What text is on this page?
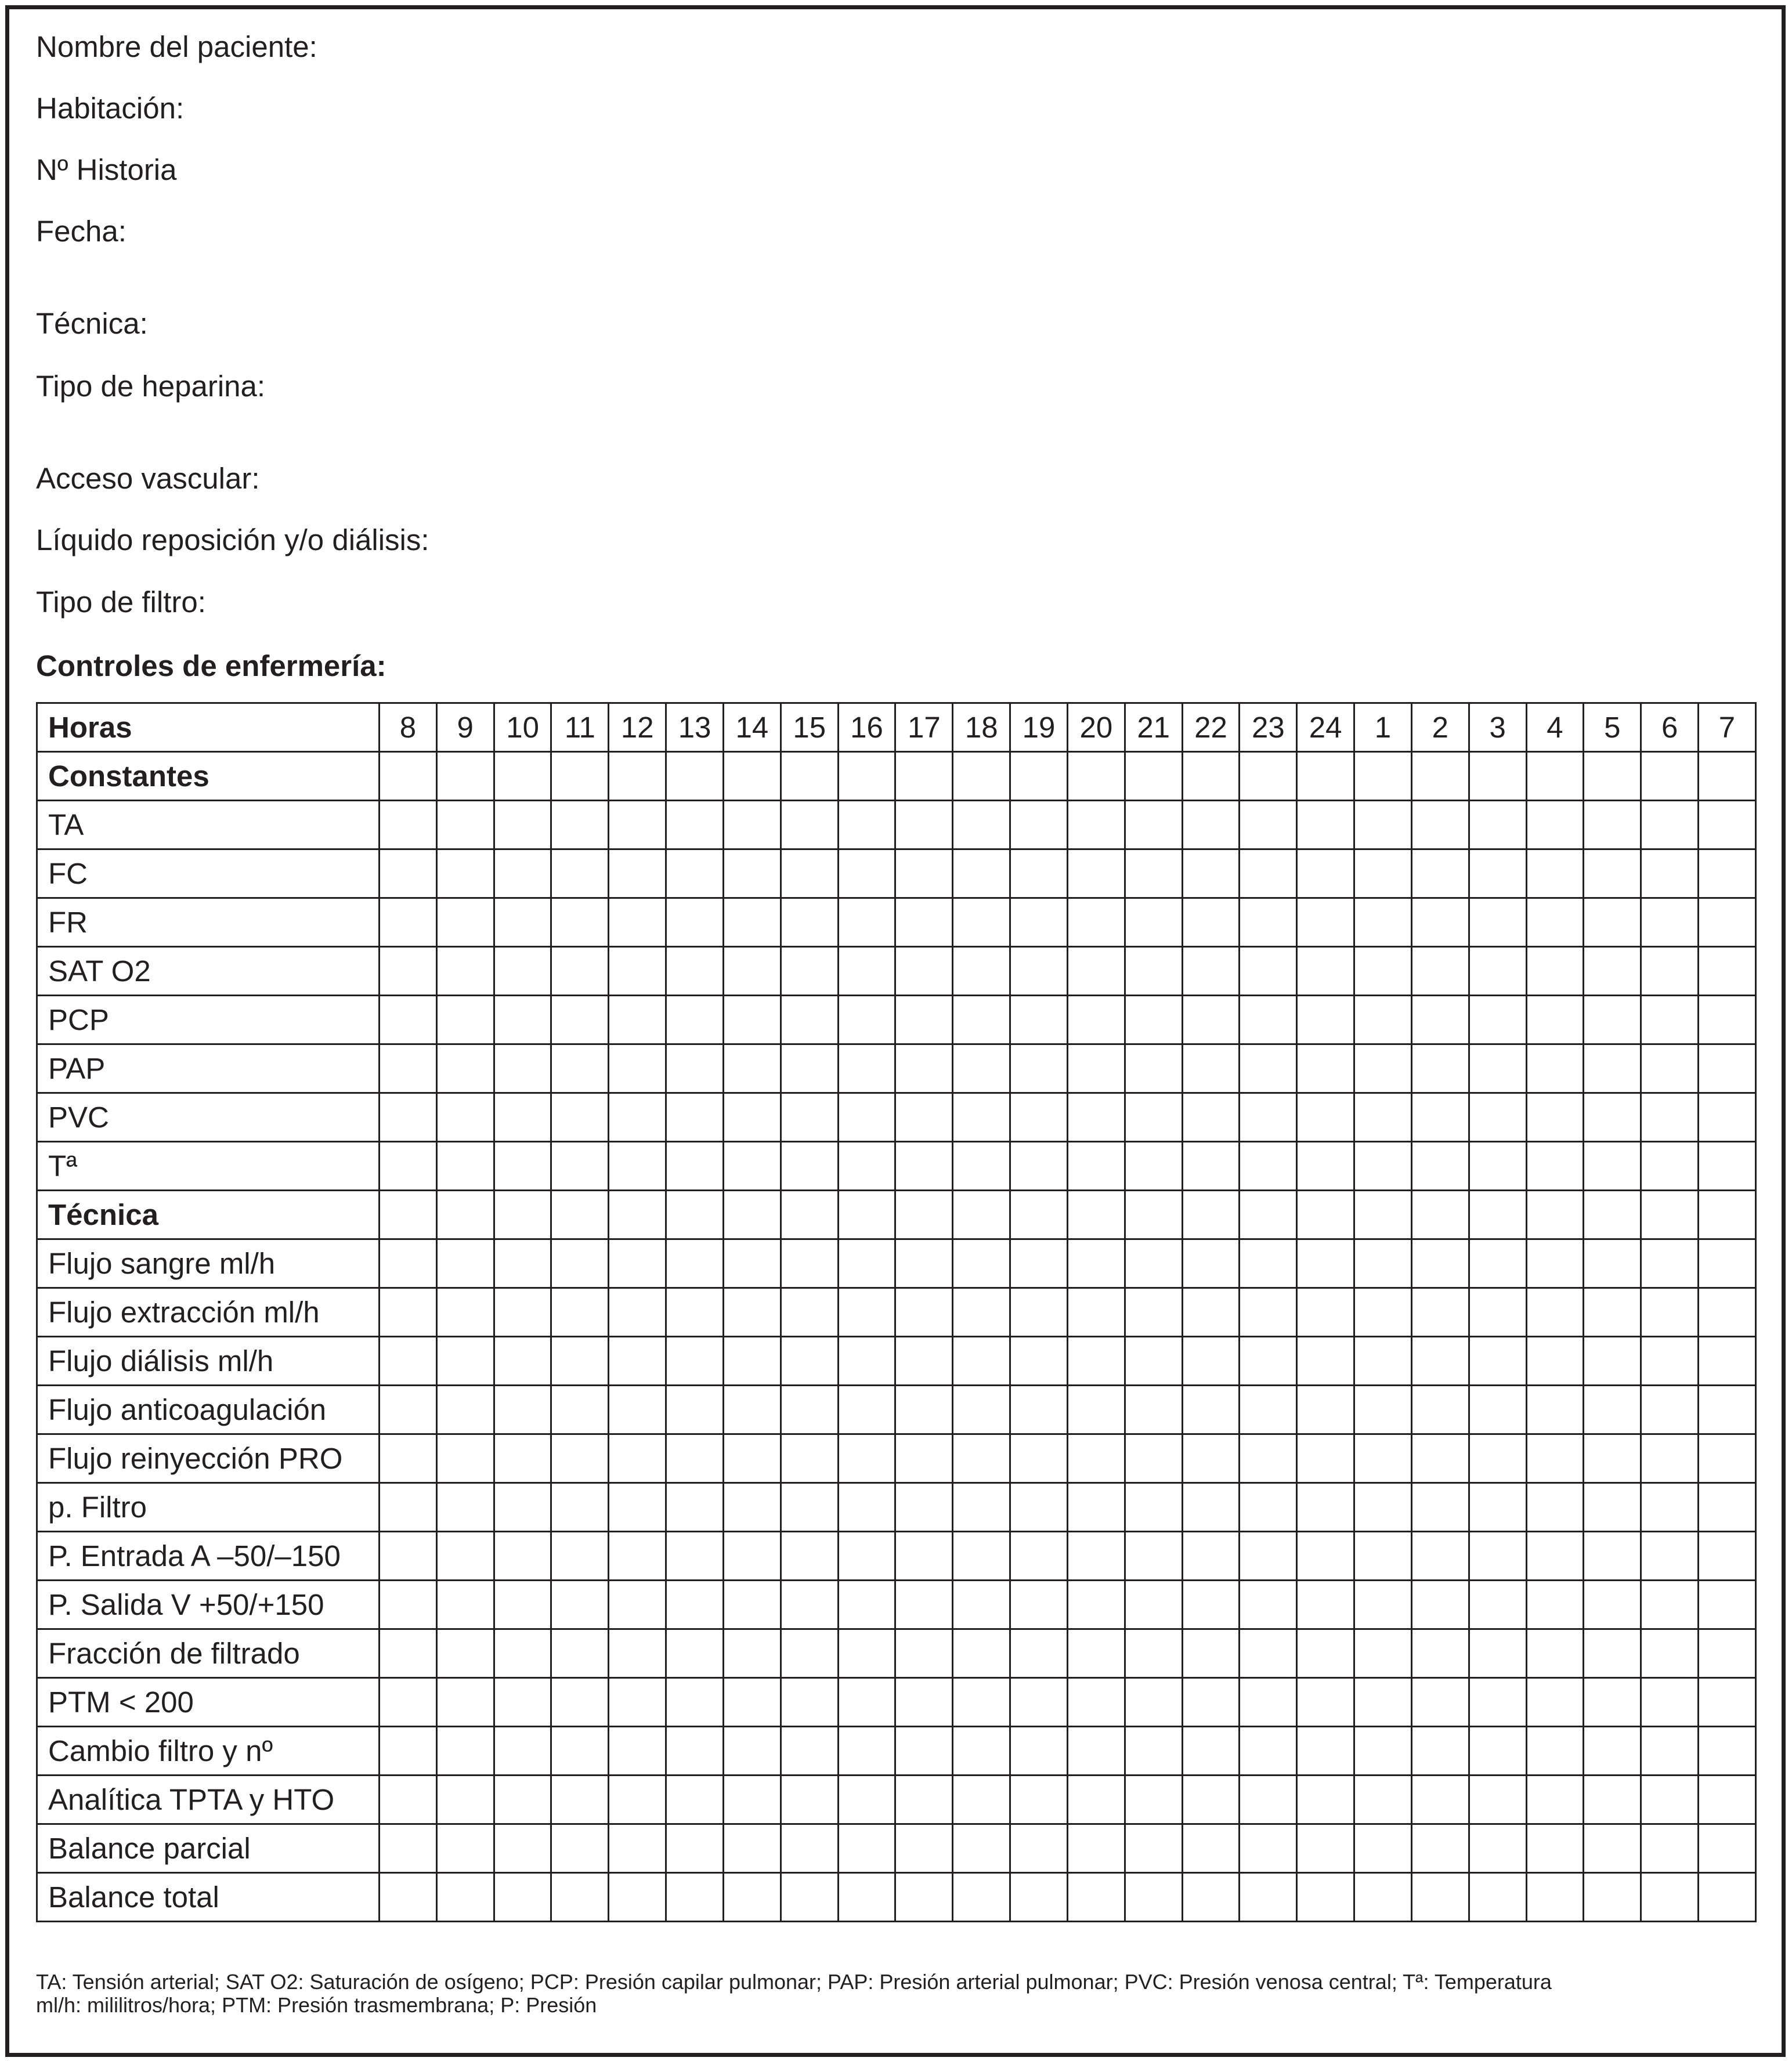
Nombre del paciente:
Habitación:
Nº Historia
Fecha:
Técnica:
Tipo de heparina:
Acceso vascular:
Líquido reposición y/o diálisis:
Tipo de filtro:
Controles de enfermería:
Horas	8	9	10	11	12	13	14	15	16	17	18	19	20	21	22	23	24	1	2	3	4	5	6	7
Constantes																								
TA																								
FC																								
FR																								
SAT O2																								
PCP																								
PAP																								
PVC																								
Tª																								
Técnica																								
Flujo sangre ml/h																								
Flujo extracción ml/h																								
Flujo diálisis ml/h																								
Flujo anticoagulación																								
Flujo reinyección PRO																								
p. Filtro																								
P. Entrada A –50/–150																								
P. Salida V +50/+150																								
Fracción de filtrado																								
PTM < 200																								
Cambio filtro y nº																								
Analítica TPTA y HTO																								
Balance parcial																								
Balance total																								
TA: Tensión arterial; SAT O2: Saturación de osígeno; PCP: Presión capilar pulmonar; PAP: Presión arterial pulmonar; PVC: Presión venosa central; Tª: Temperatura
ml/h: mililitros/hora; PTM: Presión trasmembrana; P: Presión
